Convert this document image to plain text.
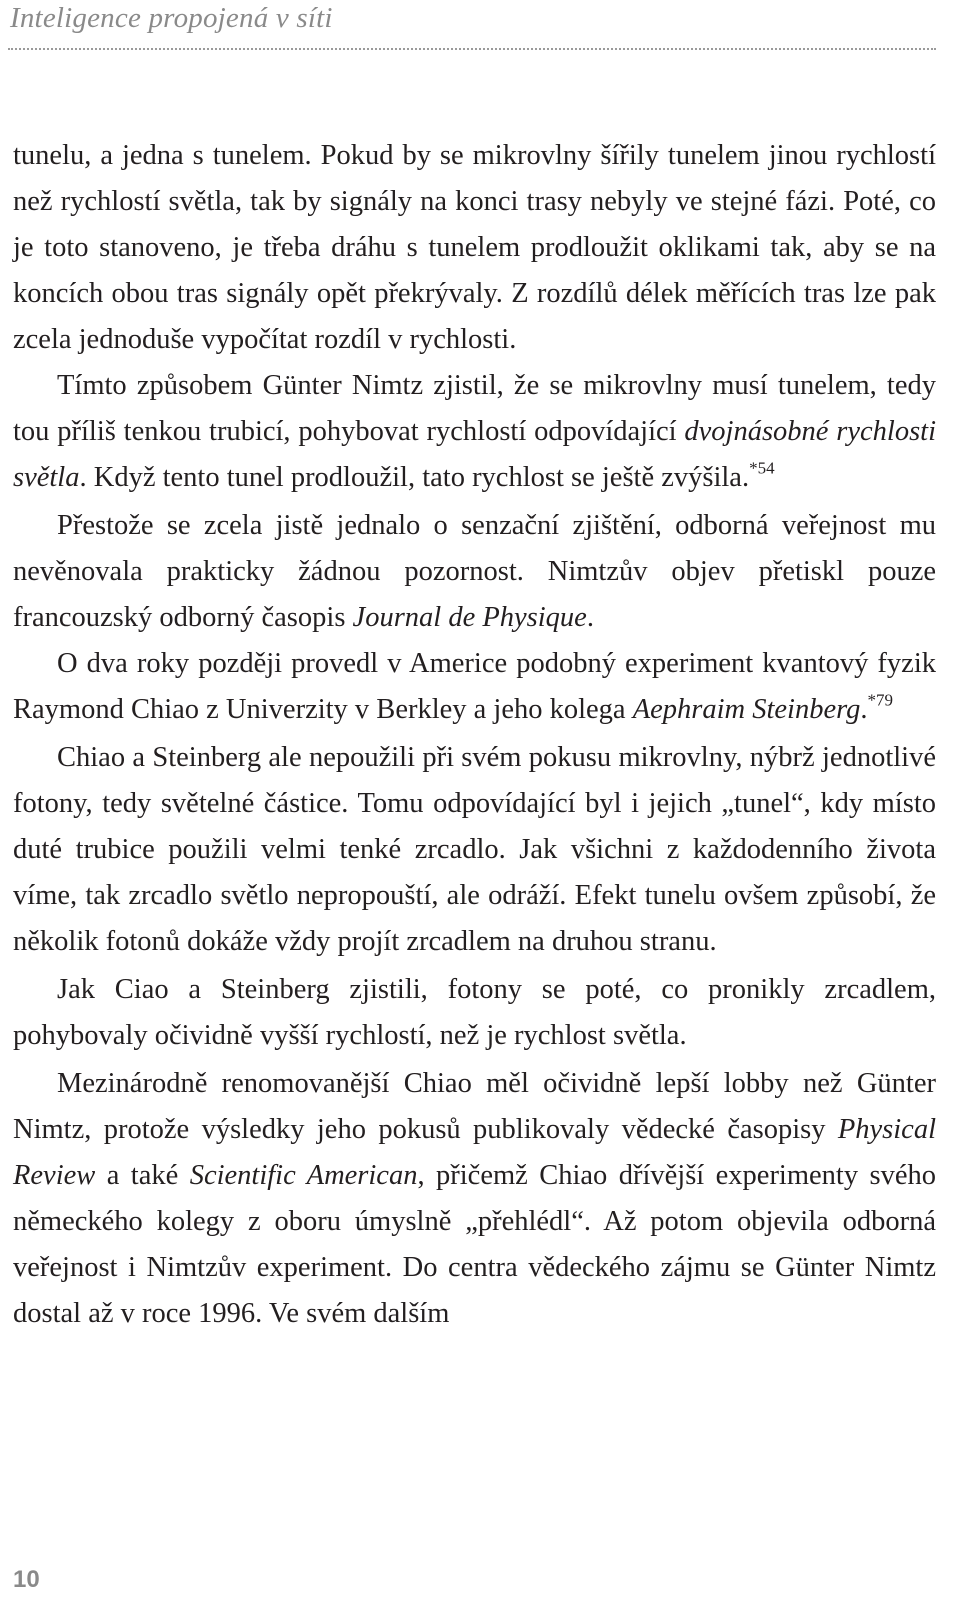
Inteligence propojená v síti

tunelu, a jedna s tunelem. Pokud by se mikrovlny šířily tunelem jinou rychlostí než rychlostí světla, tak by signály na konci trasy nebyly ve stejné fázi. Poté, co je toto stanoveno, je třeba dráhu s tunelem prodloužit oklikami tak, aby se na koncích obou tras signály opět překrývaly. Z rozdílů délek měřících tras lze pak zcela jednoduše vypočítat rozdíl v rychlosti.

Tímto způsobem Günter Nimtz zjistil, že se mikrovlny musí tunelem, tedy tou příliš tenkou trubicí, pohybovat rychlostí odpovídající dvojnásobné rychlosti světla. Když tento tunel prodloužil, tato rychlost se ještě zvýšila.$^{*54}$

Přestože se zcela jistě jednalo o senzační zjištění, odborná veřejnost mu nevěnovala prakticky žádnou pozornost. Nimtzův objev přetiskl pouze francouzský odborný časopis Journal de Physique.

O dva roky později provedl v Americe podobný experiment kvantový fyzik Raymond Chiao z Univerzity v Berkley a jeho kolega Aephraim Steinberg.$^{*79}$

Chiao a Steinberg ale nepoužili při svém pokusu mikrovlny, nýbrž jednotlivé fotony, tedy světelné částice. Tomu odpovídající byl i jejich „tunel“, kdy místo duté trubice použili velmi tenké zrcadlo. Jak všichni z každodenního života víme, tak zrcadlo světlo nepropouští, ale odráží. Efekt tunelu ovšem způsobí, že několik fotonů dokáže vždy projít zrcadlem na druhou stranu.

Jak Ciao a Steinberg zjistili, fotony se poté, co pronikly zrcadlem, pohybovaly očividně vyšší rychlostí, než je rychlost světla.

Mezinárodně renomovanější Chiao měl očividně lepší lobby než Günter Nimtz, protože výsledky jeho pokusů publikovaly vědecké časopisy Physical Review a také Scientific American, přičemž Chiao dřívější experimenty svého německého kolegy z oboru úmyslně „přehlédl“. Až potom objevila odborná veřejnost i Nimtzův experiment. Do centra vědeckého zájmu se Günter Nimtz dostal až v roce 1996. Ve svém dalším

10
